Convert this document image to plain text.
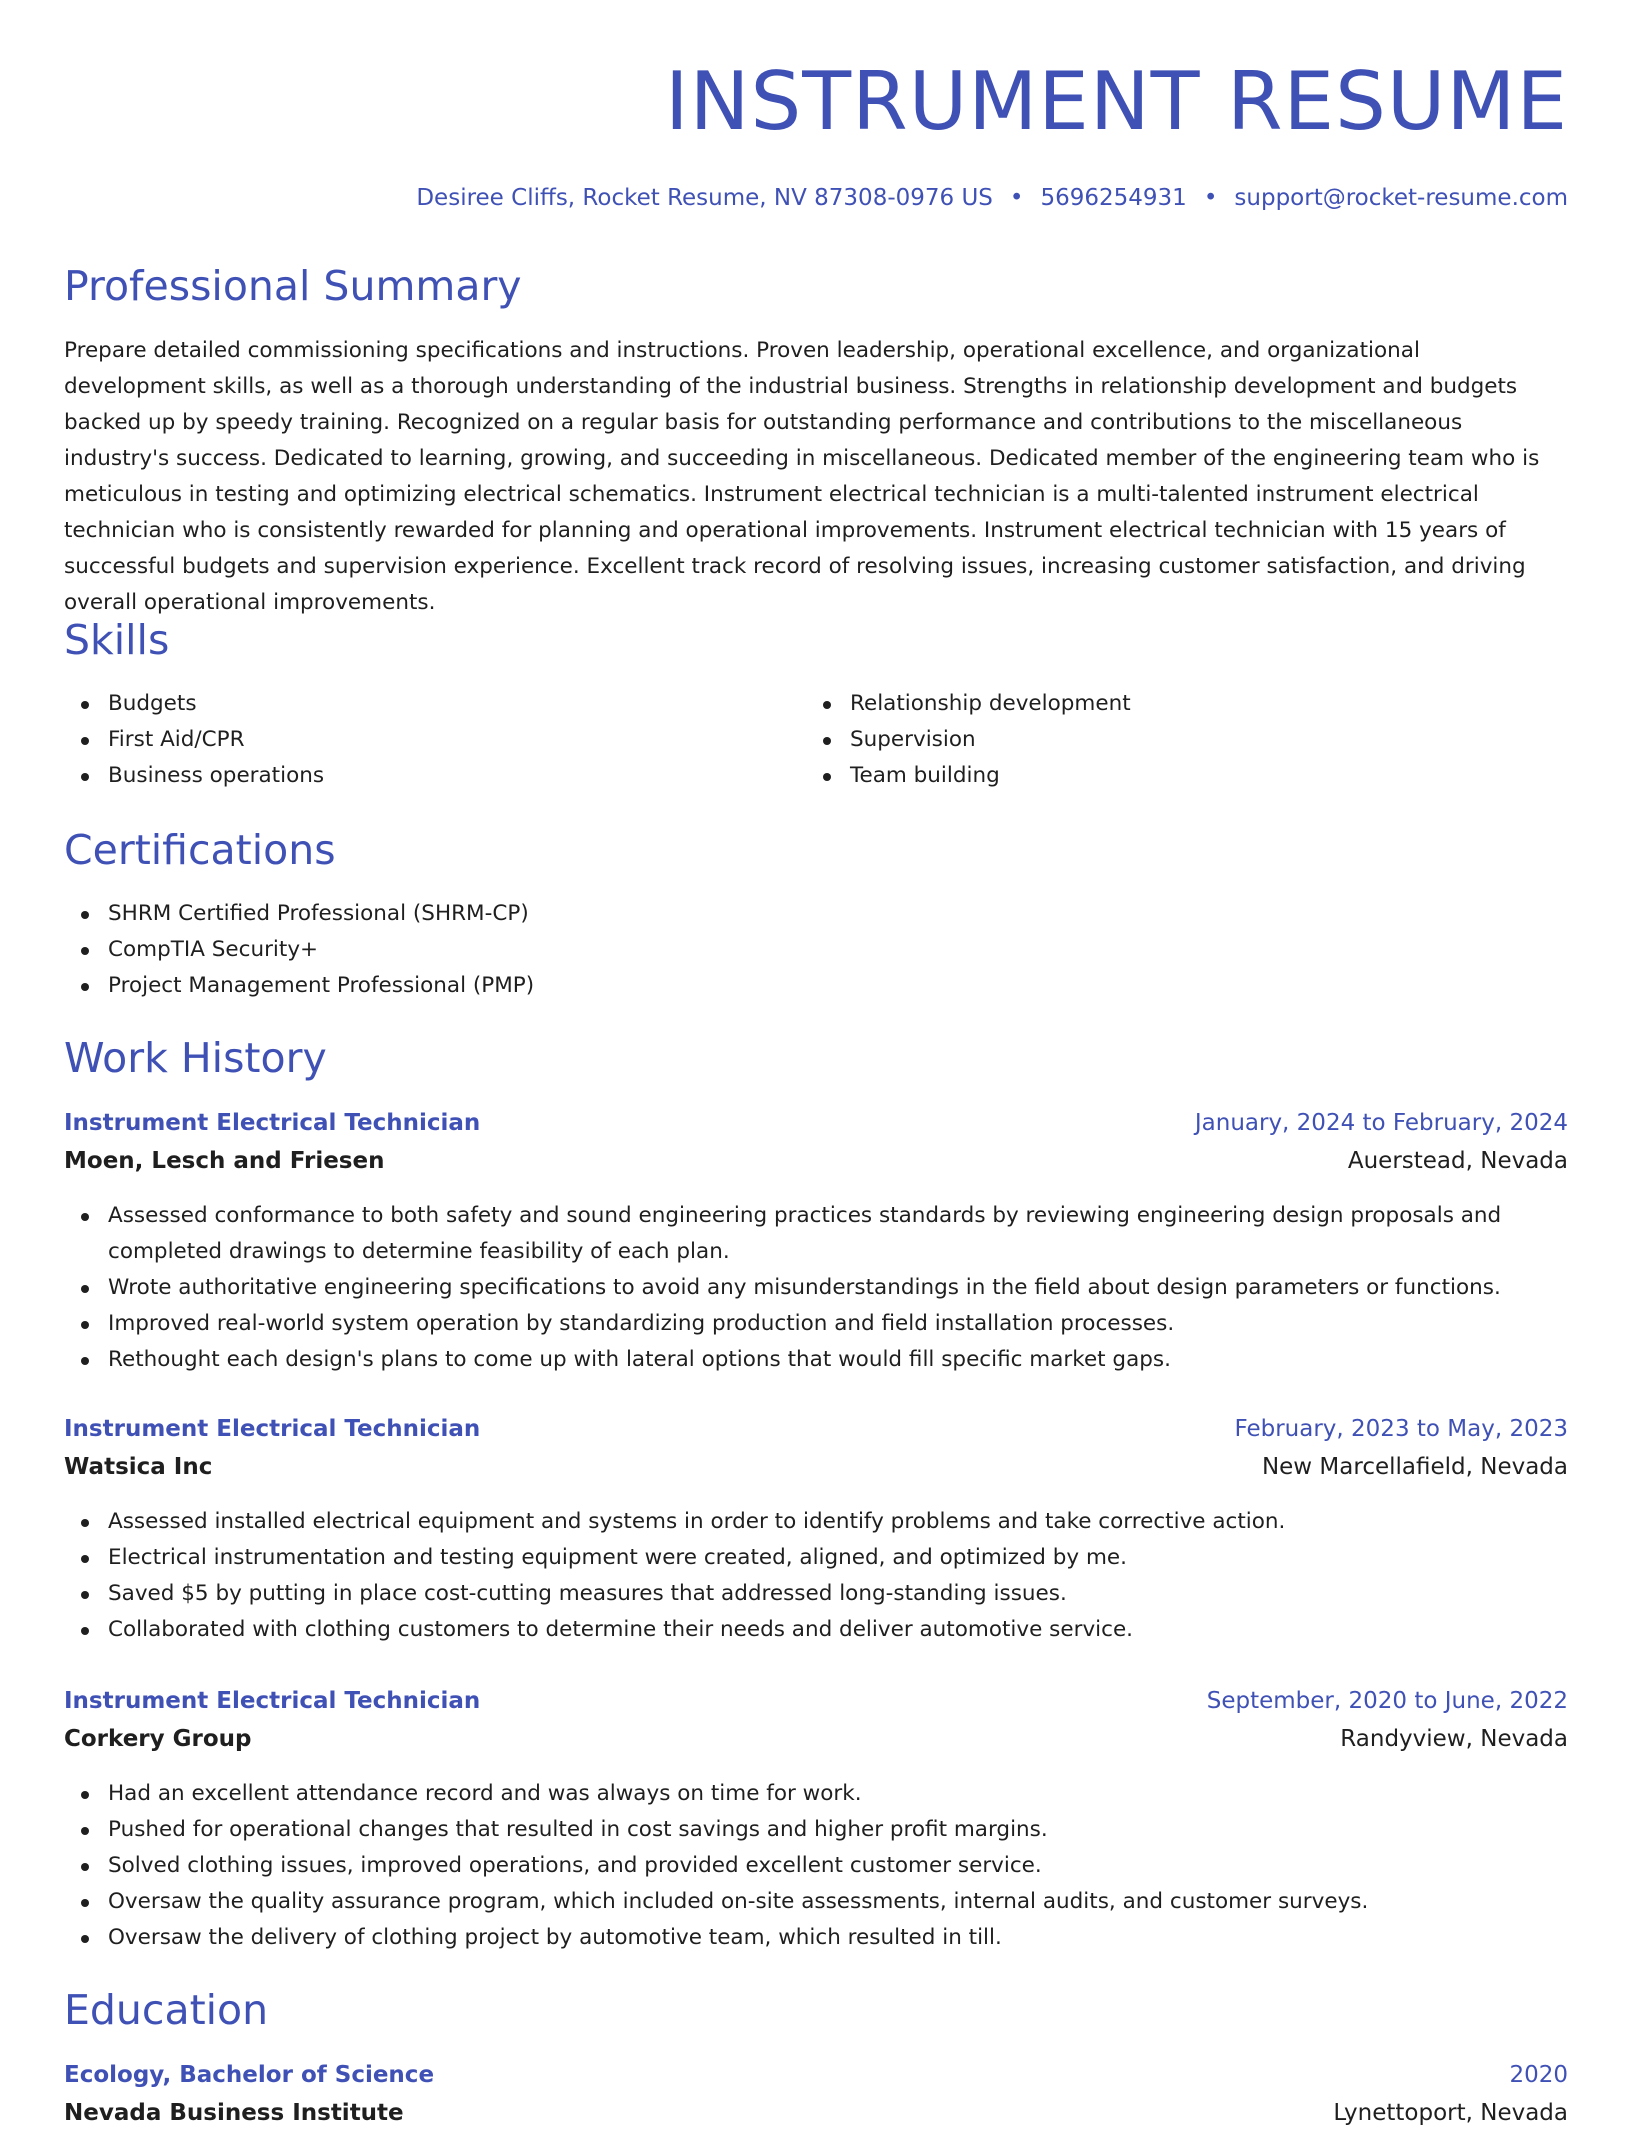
INSTRUMENT RESUME
Desiree Cliffs, Rocket Resume, NV 87308-0976 US • 5696254931 • support@rocket-resume.com
Professional Summary

Prepare detailed commissioning specifications and instructions. Proven leadership, operational excellence, and organizational development skills, as well as a thorough understanding of the industrial business. Strengths in relationship development and budgets backed up by speedy training. Recognized on a regular basis for outstanding performance and contributions to the miscellaneous industry's success. Dedicated to learning, growing, and succeeding in miscellaneous. Dedicated member of the engineering team who is meticulous in testing and optimizing electrical schematics. Instrument electrical technician is a multi-talented instrument electrical technician who is consistently rewarded for planning and operational improvements. Instrument electrical technician with 15 years of successful budgets and supervision experience. Excellent track record of resolving issues, increasing customer satisfaction, and driving overall operational improvements.

Skills
Budgets
First Aid/CPR
Business operations
Relationship development
Supervision
Team building
Certifications
SHRM Certified Professional (SHRM-CP)
CompTIA Security+
Project Management Professional (PMP)
Work History
Instrument Electrical Technician	January, 2024 to February, 2024
Moen, Lesch and Friesen	Auerstead, Nevada
Assessed conformance to both safety and sound engineering practices standards by reviewing engineering design proposals and completed drawings to determine feasibility of each plan.
Wrote authoritative engineering specifications to avoid any misunderstandings in the field about design parameters or functions.
Improved real-world system operation by standardizing production and field installation processes.
Rethought each design's plans to come up with lateral options that would fill specific market gaps.
Instrument Electrical Technician	February, 2023 to May, 2023
Watsica Inc	New Marcellafield, Nevada
Assessed installed electrical equipment and systems in order to identify problems and take corrective action.
Electrical instrumentation and testing equipment were created, aligned, and optimized by me.
Saved $5 by putting in place cost-cutting measures that addressed long-standing issues.
Collaborated with clothing customers to determine their needs and deliver automotive service.
Instrument Electrical Technician	September, 2020 to June, 2022
Corkery Group	Randyview, Nevada
Had an excellent attendance record and was always on time for work.
Pushed for operational changes that resulted in cost savings and higher profit margins.
Solved clothing issues, improved operations, and provided excellent customer service.
Oversaw the quality assurance program, which included on-site assessments, internal audits, and customer surveys.
Oversaw the delivery of clothing project by automotive team, which resulted in till.
Education
Ecology, Bachelor of Science	2020
Nevada Business Institute	Lynettoport, Nevada
